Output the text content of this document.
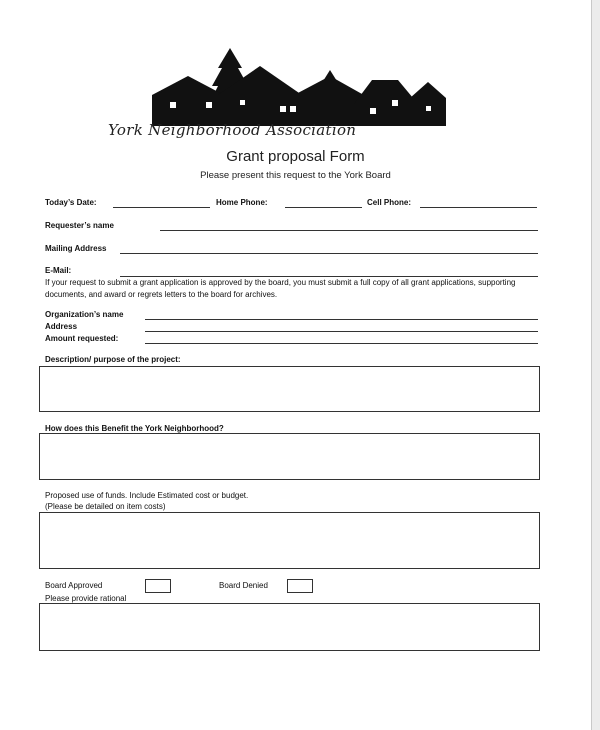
York Neighborhood Association
Grant proposal Form
Please present this request to the York Board
Today’s Date:	Home Phone:	Cell Phone:
Requester’s name
Mailing Address
E-Mail:
If your request to submit a grant application is approved by the board, you must submit a full copy of all grant applications, supporting documents, and award or regrets letters to the board for archives.
Organization’s name
Address
Amount requested:
Description/ purpose of the project:
How does this Benefit the York Neighborhood?
Proposed use of funds. Include Estimated cost or budget.
(Please be detailed on item costs)
Board Approved	Board Denied
Please provide rational
